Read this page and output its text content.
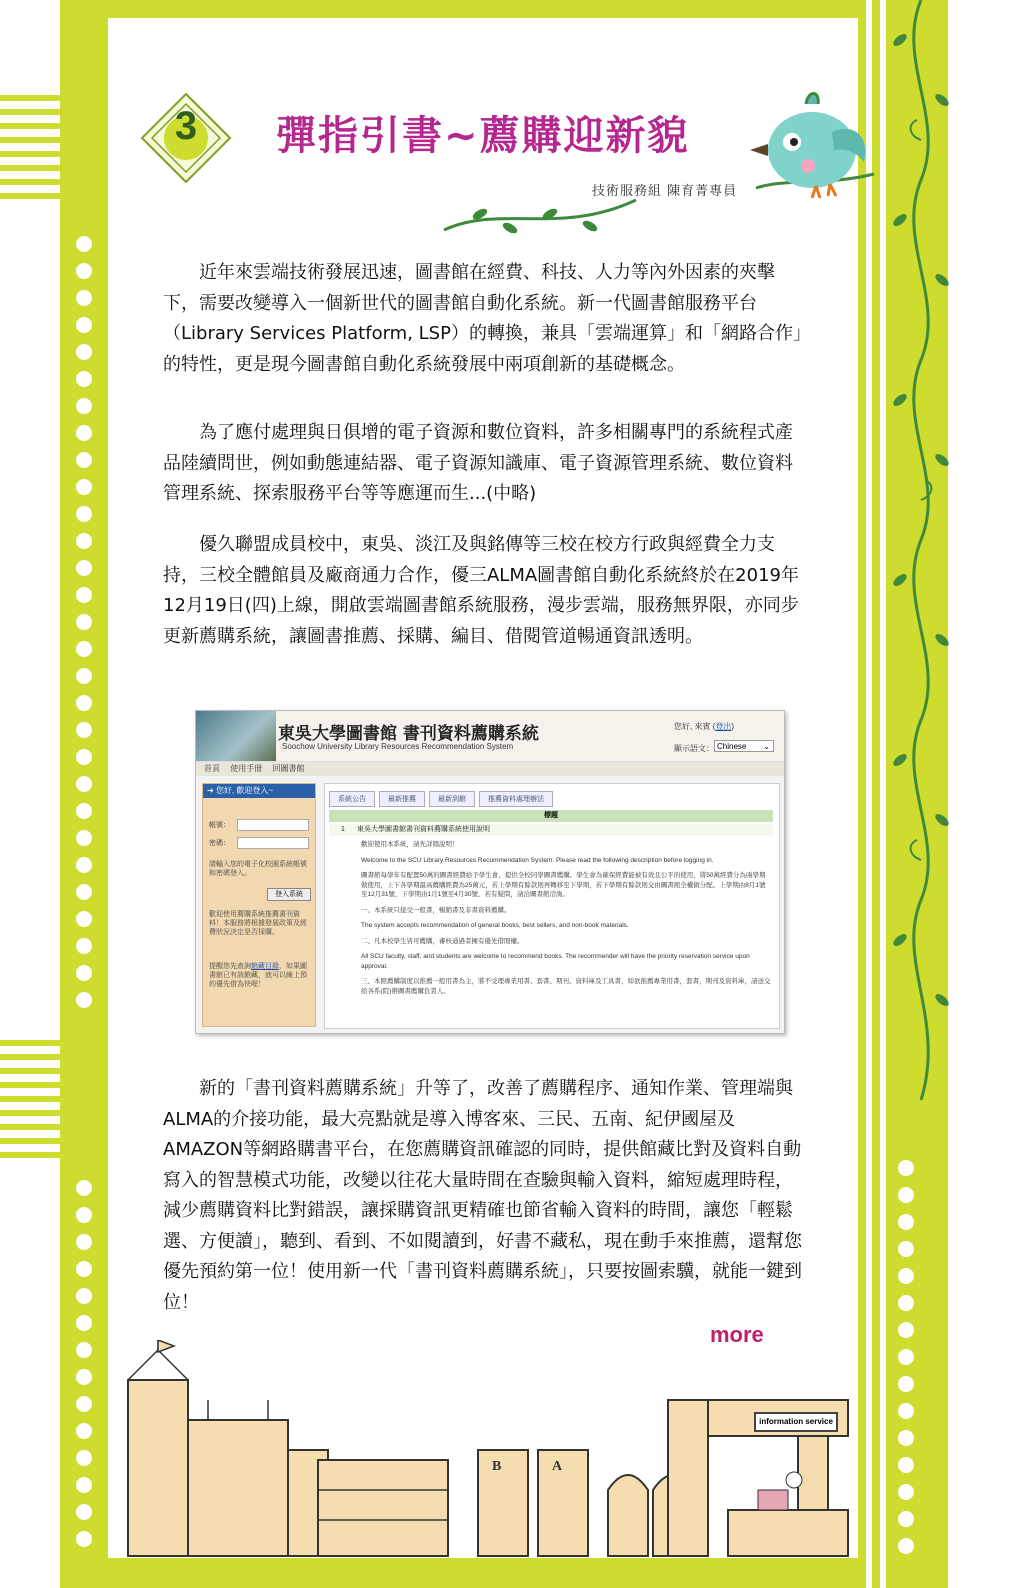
3 彈指引書~薦購迎新貌
技術服務組 陳育菁專員

近年來雲端技術發展迅速，圖書館在經費、科技、人力等內外因素的夾擊下，需要改變導入一個新世代的圖書館自動化系統。新一代圖書館服務平台（Library Services Platform, LSP）的轉換，兼具「雲端運算」和「網路合作」的特性，更是現今圖書館自動化系統發展中兩項創新的基礎概念。

為了應付處理與日俱增的電子資源和數位資料，許多相關專門的系統程式產品陸續問世，例如動態連結器、電子資源知識庫、電子資源管理系統、數位資料管理系統、探索服務平台等等應運而生...(中略)

優久聯盟成員校中，東吳、淡江及與銘傳等三校在校方行政與經費全力支持，三校全體館員及廠商通力合作，優三ALMA圖書館自動化系統終於在2019年12月19日(四)上線，開啟雲端圖書館系統服務，漫步雲端，服務無界限，亦同步更新薦購系統，讓圖書推薦、採購、編目、借閱管道暢通資訊透明。

東吳大學圖書館 書刊資料薦購系統
Soochow University Library Resources Recommendation System
您好, 來賓 (登出)
顯示語文： Chinese ⌄
首頁 使用手冊 回圖書館
➜ 您好, 歡迎登入~
帳號：
密碼：
請輸入您的電子化校園系統帳號和密碼登入。
登入系統
歡迎使用薦購系統推薦書刊資料！本服務將根據發展政策及經費狀況決定是否採購。
提醒您先查詢館藏目錄，如果圖書館已有該館藏，就可以線上預約優先借為快喔！
系統公告	最新推薦	最新到館	推薦資料處理辦法
標題
1 東吳大學圖書館書刊資料薦購系統使用說明

歡迎使用本系統，請先詳閱說明！

Welcome to the SCU Library Resources Recommendation System. Please read the following description before logging in.

圖書館每學年有配置50萬的圖書經費給予學生會，提供全校同學圖書薦購。學生會為確保經費能被有效且公平的使用，將50萬經費分為兩學期做使用，上下各學期最高薦購經費為25萬元，若上學期有餘款則再轉移至下學期，若下學期有餘款則交由圖書館全權做分配。上學期由8月1號至12月31號，下學期由1月1號至4月30號，若有疑問，請洽圖書館洽詢。

一、本系統只接受一般書，暢銷書及非書資料薦購。

The system accepts recommendation of general books, best sellers, and non-book materials.

二、凡本校學生皆可薦購，審核通過者擁有優先借閱權。

All SCU faculty, staff, and students are welcome to recommend books. The recommender will have the priority reservation service upon approval.

三、本館薦購制度以推薦一般用書為主，將不受理專業用書、套書、期刊、資料庫及工具書，如欲推薦專業用書，套書，期刊及資料庫，請送交給各系(院)辦圖書薦購負責人。

新的「書刊資料薦購系統」升等了，改善了薦購程序、通知作業、管理端與ALMA的介接功能，最大亮點就是導入博客來、三民、五南、紀伊國屋及AMAZON等網路購書平台，在您薦購資訊確認的同時，提供館藏比對及資料自動寫入的智慧模式功能，改變以往花大量時間在查驗與輸入資料，縮短處理時程，減少薦購資料比對錯誤，讓採購資訊更精確也節省輸入資料的時間，讓您「輕鬆選、方便讀」，聽到、看到、不如閱讀到，好書不藏私，現在動手來推薦，還幫您優先預約第一位！使用新一代「書刊資料薦購系統」，只要按圖索驥，就能一鍵到位！

more
B	A
information service
